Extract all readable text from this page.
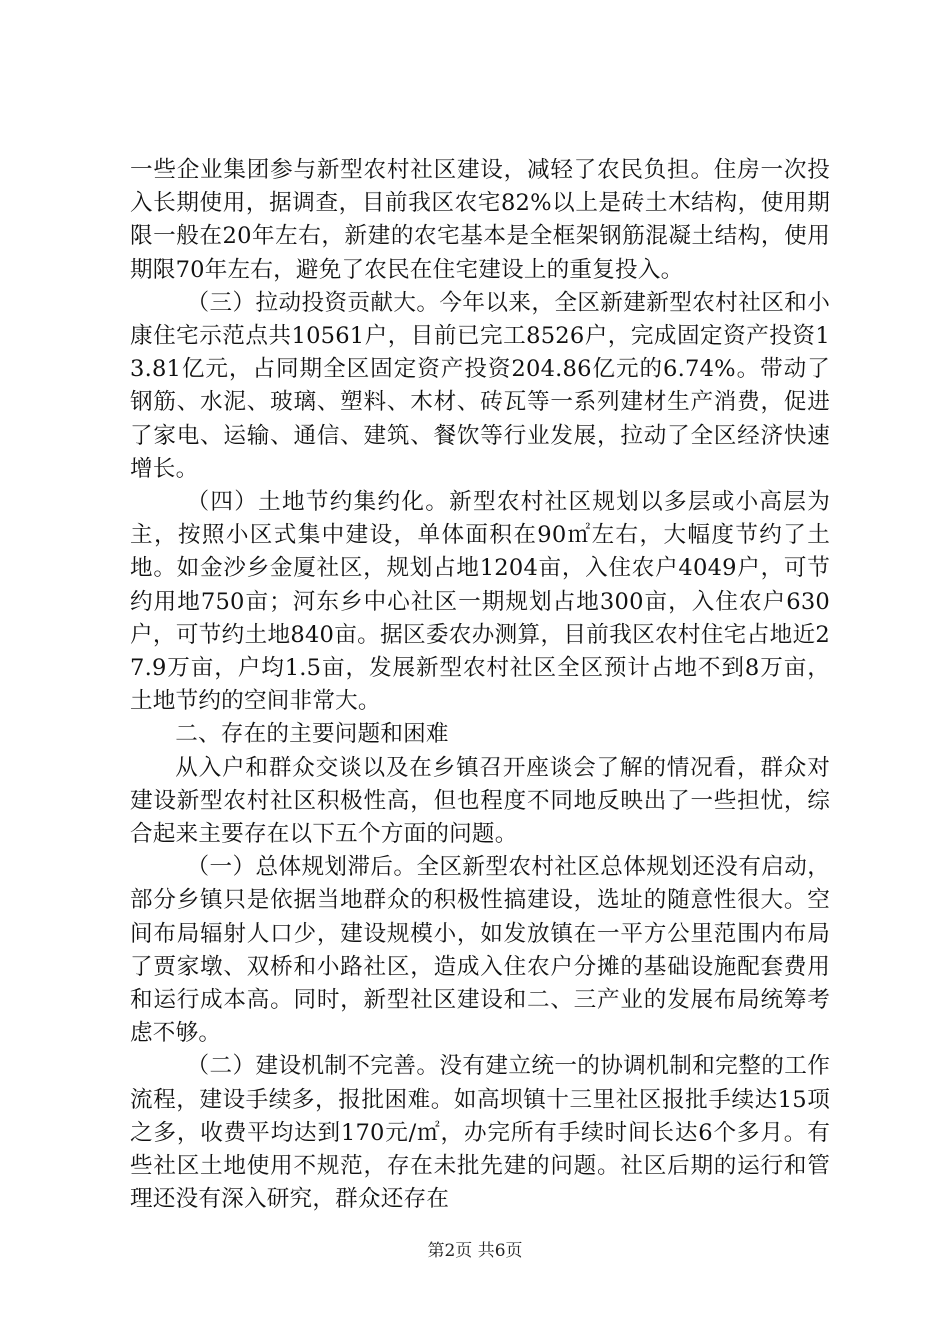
一些企业集团参与新型农村社区建设，减轻了农民负担。住房一次投入长期使用，据调查，目前我区农宅82%以上是砖土木结构，使用期限一般在20年左右，新建的农宅基本是全框架钢筋混凝土结构，使用期限70年左右，避免了农民在住宅建设上的重复投入。

（三）拉动投资贡献大。今年以来，全区新建新型农村社区和小康住宅示范点共10561户，目前已完工8526户，完成固定资产投资13.81亿元，占同期全区固定资产投资204.86亿元的6.74%。带动了钢筋、水泥、玻璃、塑料、木材、砖瓦等一系列建材生产消费，促进了家电、运输、通信、建筑、餐饮等行业发展，拉动了全区经济快速增长。

（四）土地节约集约化。新型农村社区规划以多层或小高层为主，按照小区式集中建设，单体面积在90㎡左右，大幅度节约了土地。如金沙乡金厦社区，规划占地1204亩，入住农户4049户，可节约用地750亩；河东乡中心社区一期规划占地300亩，入住农户630户，可节约土地840亩。据区委农办测算，目前我区农村住宅占地近27.9万亩，户均1.5亩，发展新型农村社区全区预计占地不到8万亩，土地节约的空间非常大。

二、存在的主要问题和困难

从入户和群众交谈以及在乡镇召开座谈会了解的情况看，群众对建设新型农村社区积极性高，但也程度不同地反映出了一些担忧，综合起来主要存在以下五个方面的问题。

（一）总体规划滞后。全区新型农村社区总体规划还没有启动，部分乡镇只是依据当地群众的积极性搞建设，选址的随意性很大。空间布局辐射人口少，建设规模小，如发放镇在一平方公里范围内布局了贾家墩、双桥和小路社区，造成入住农户分摊的基础设施配套费用和运行成本高。同时，新型社区建设和二、三产业的发展布局统筹考虑不够。

（二）建设机制不完善。没有建立统一的协调机制和完整的工作流程，建设手续多，报批困难。如高坝镇十三里社区报批手续达15项之多，收费平均达到170元/㎡，办完所有手续时间长达6个多月。有些社区土地使用不规范，存在未批先建的问题。社区后期的运行和管理还没有深入研究，群众还存在

第2页 共6页
